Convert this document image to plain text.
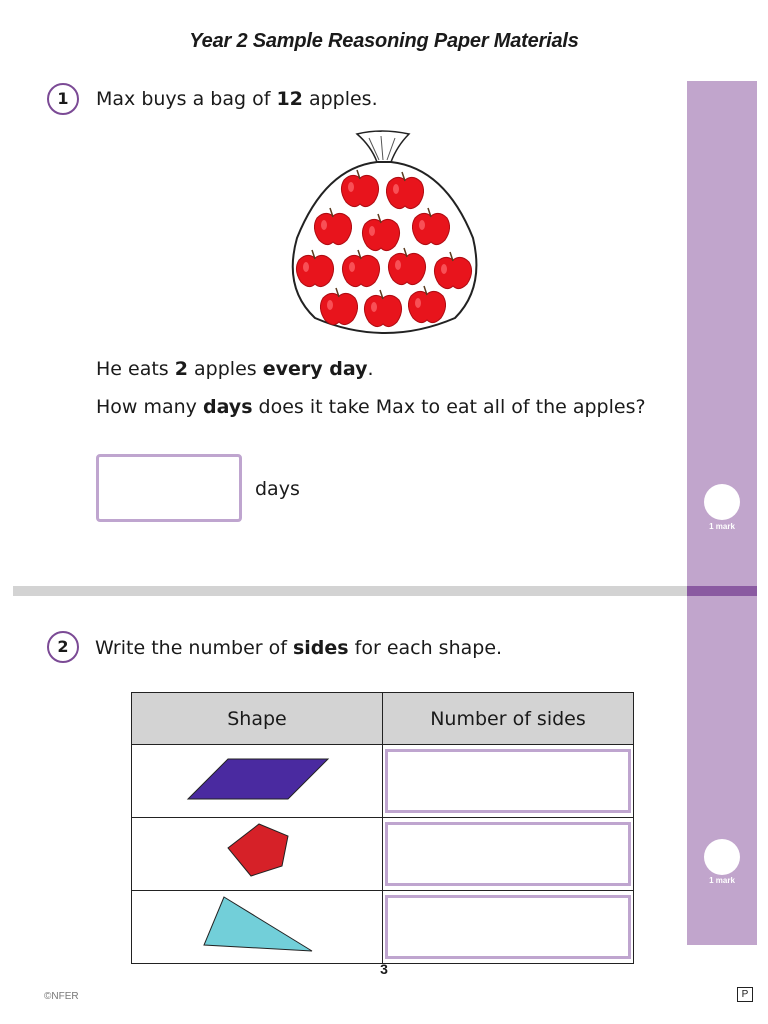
Year 2 Sample Reasoning Paper Materials
1 mark
1 mark
1	Max buys a bag of 12 apples.
He eats 2 apples every day.
How many days does it take Max to eat all of the apples?
days
2	Write the number of sides for each shape.
Shape	Number of sides

3
©NFER	P
